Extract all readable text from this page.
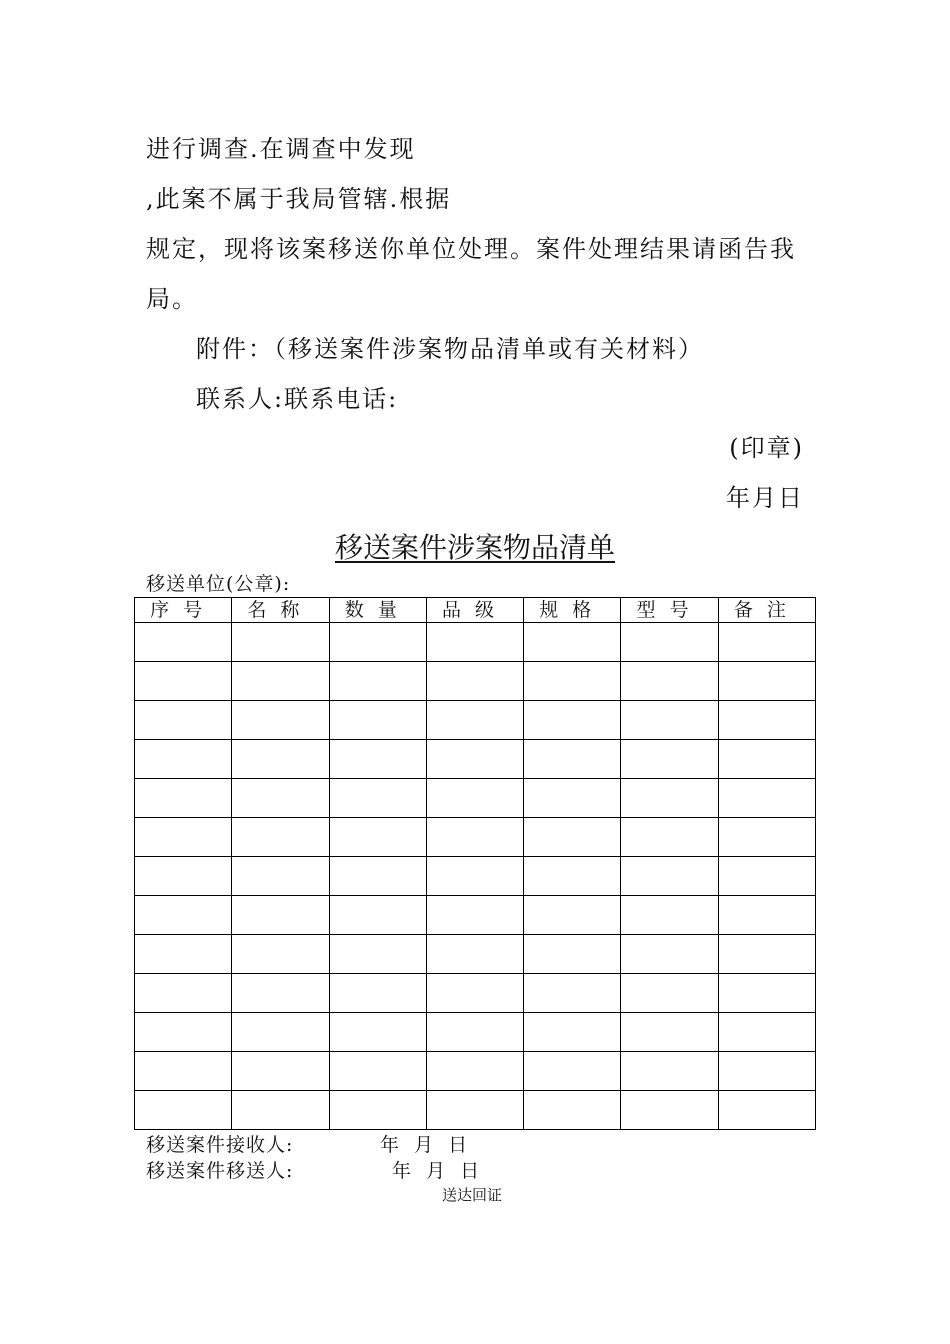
进行调查.在调查中发现
,此案不属于我局管辖.根据
规定，现将该案移送你单位处理。案件处理结果请函告我
局。
附件：（移送案件涉案物品清单或有关材料）
联系人:联系电话:
(印章)
年月日
移送案件涉案物品清单
移送单位(公章):
序号	名称	数量	品级	规格	型号	备注

移送案件接收人:	年  月  日
移送案件移送人:	年  月  日
送达回证
